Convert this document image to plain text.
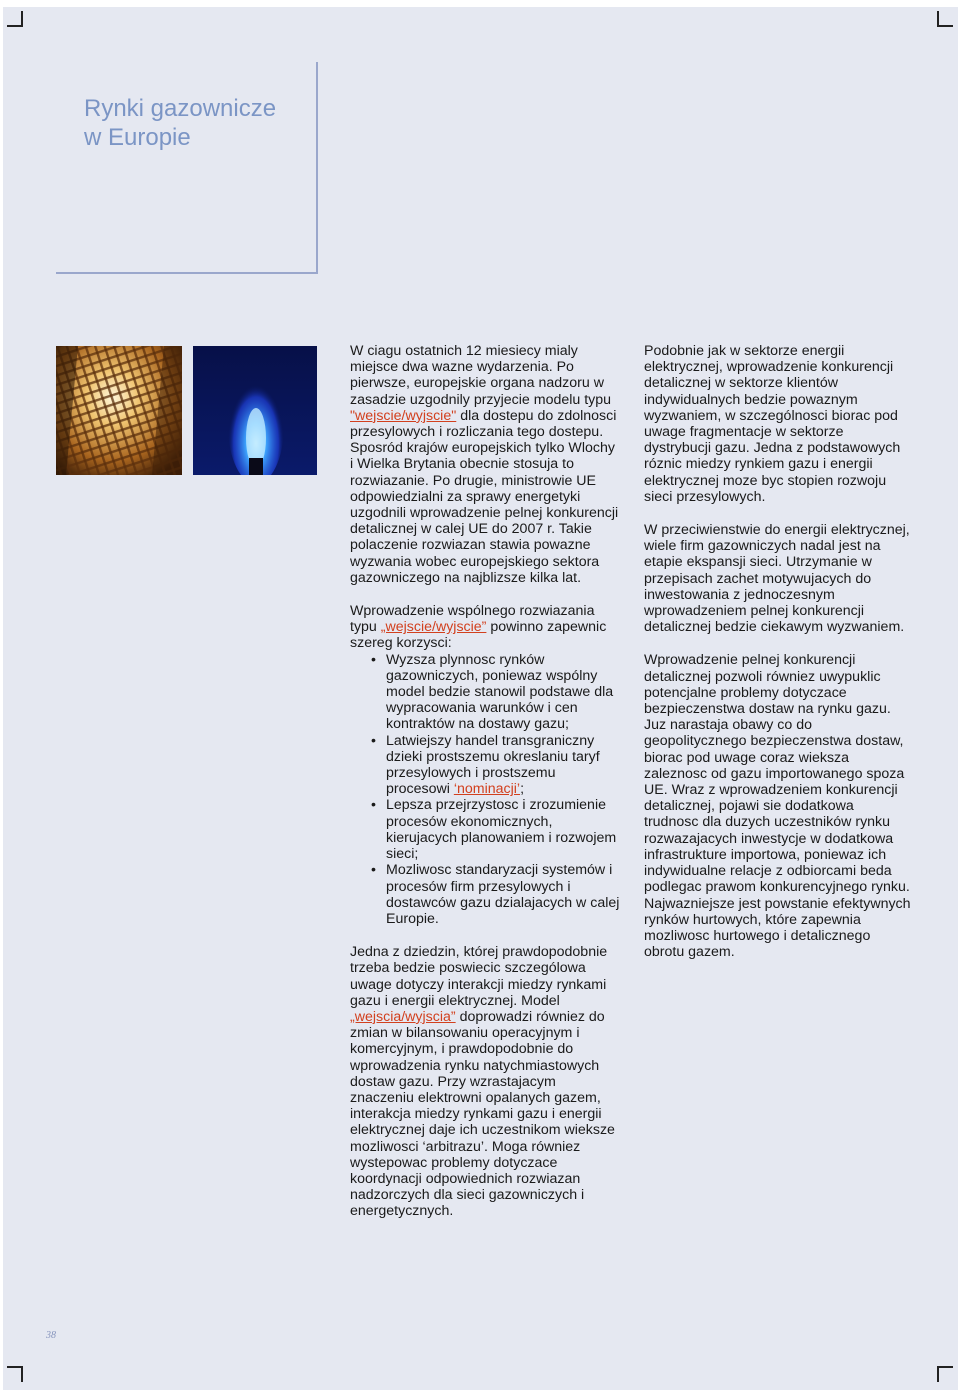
Rynki gazownicze
w Europie

W ciagu ostatnich 12 miesiecy mialy miejsce dwa wazne wydarzenia. Po pierwsze, europejskie organa nadzoru w zasadzie uzgodnily przyjecie modelu typu "wejscie/wyjscie" dla dostepu do zdolnosci przesylowych i rozliczania tego dostepu. Sposród krajów europejskich tylko Wlochy i Wielka Brytania obecnie stosuja to rozwiazanie. Po drugie, ministrowie UE odpowiedzialni za sprawy energetyki uzgodnili wprowadzenie pelnej konkurencji detalicznej w calej UE do 2007 r. Takie polaczenie rozwiazan stawia powazne wyzwania wobec europejskiego sektora gazowniczego na najblizsze kilka lat.

Wprowadzenie wspólnego rozwiazania typu „wejscie/wyjscie” powinno zapewnic szereg korzysci:

• Wyzsza plynnosc rynków gazowniczych, poniewaz wspólny model bedzie stanowil podstawe dla wypracowania warunków i cen kontraktów na dostawy gazu;
• Latwiejszy handel transgraniczny dzieki prostszemu okreslaniu taryf przesylowych i prostszemu procesowi ‘nominacji’;
• Lepsza przejrzystosc i zrozumienie procesów ekonomicznych, kierujacych planowaniem i rozwojem sieci;
• Mozliwosc standaryzacji systemów i procesów firm przesylowych i dostawców gazu dzialajacych w calej Europie.

Jedna z dziedzin, której prawdopodobnie trzeba bedzie poswiecic szczególowa uwage dotyczy interakcji miedzy rynkami gazu i energii elektrycznej. Model „wejscia/wyjscia” doprowadzi równiez do zmian w bilansowaniu operacyjnym i komercyjnym, i prawdopodobnie do wprowadzenia rynku natychmiastowych dostaw gazu. Przy wzrastajacym znaczeniu elektrowni opalanych gazem, interakcja miedzy rynkami gazu i energii elektrycznej daje ich uczestnikom wieksze mozliwosci ‘arbitrazu’. Moga równiez wystepowac problemy dotyczace koordynacji odpowiednich rozwiazan nadzorczych dla sieci gazowniczych i energetycznych.

Podobnie jak w sektorze energii elektrycznej, wprowadzenie konkurencji detalicznej w sektorze klientów indywidualnych bedzie powaznym wyzwaniem, w szczególnosci biorac pod uwage fragmentacje w sektorze dystrybucji gazu. Jedna z podstawowych róznic miedzy rynkiem gazu i energii elektrycznej moze byc stopien rozwoju sieci przesylowych.

W przeciwienstwie do energii elektrycznej, wiele firm gazowniczych nadal jest na etapie ekspansji sieci. Utrzymanie w przepisach zachet motywujacych do inwestowania z jednoczesnym wprowadzeniem pelnej konkurencji detalicznej bedzie ciekawym wyzwaniem.

Wprowadzenie pelnej konkurencji detalicznej pozwoli równiez uwypuklic potencjalne problemy dotyczace bezpieczenstwa dostaw na rynku gazu. Juz narastaja obawy co do geopolitycznego bezpieczenstwa dostaw, biorac pod uwage coraz wieksza zaleznosc od gazu importowanego spoza UE. Wraz z wprowadzeniem konkurencji detalicznej, pojawi sie dodatkowa trudnosc dla duzych uczestników rynku rozwazajacych inwestycje w dodatkowa infrastrukture importowa, poniewaz ich indywidualne relacje z odbiorcami beda podlegac prawom konkurencyjnego rynku. Najwazniejsze jest powstanie efektywnych rynków hurtowych, które zapewnia mozliwosc hurtowego i detalicznego obrotu gazem.

38
